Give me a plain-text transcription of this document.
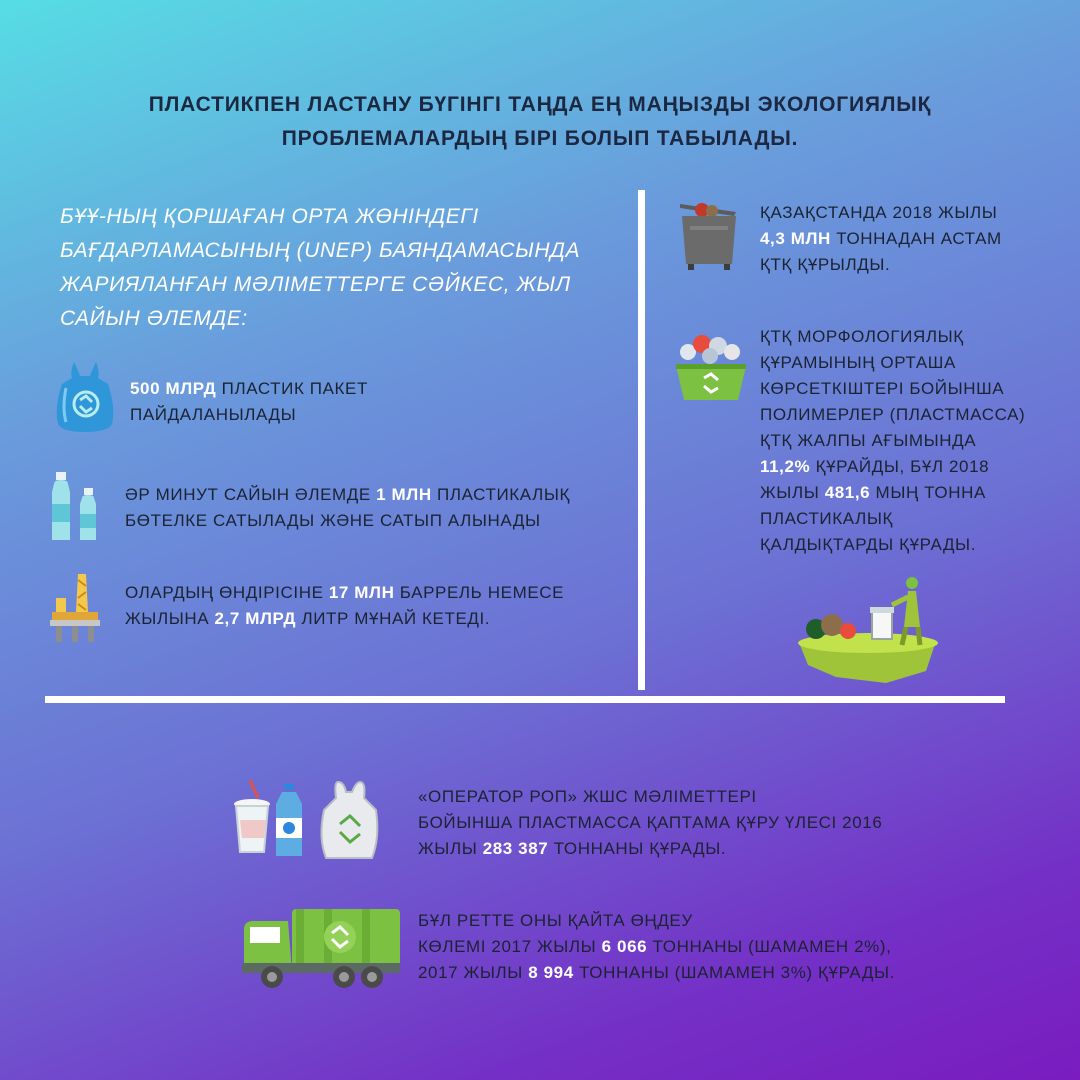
ПЛАСТИКПЕН ЛАСТАНУ БҮГІНГІ ТАҢДА ЕҢ МАҢЫЗДЫ ЭКОЛОГИЯЛЫҚ
ПРОБЛЕМАЛАРДЫҢ БІРІ БОЛЫП ТАБЫЛАДЫ.
БҰҰ-НЫҢ ҚОРШАҒАН ОРТА ЖӨНІНДЕГІ БАҒДАРЛАМАСЫНЫҢ (UNEP) БАЯНДАМАСЫНДА ЖАРИЯЛАНҒАН МӘЛІМЕТТЕРГЕ СӘЙКЕС, ЖЫЛ САЙЫН ӘЛЕМДЕ:
500 МЛРД ПЛАСТИК ПАКЕТ
ПАЙДАЛАНЫЛАДЫ
ӘР МИНУТ САЙЫН ӘЛЕМДЕ 1 МЛН ПЛАСТИКАЛЫҚ
БӨТЕЛКЕ САТЫЛАДЫ ЖӘНЕ САТЫП АЛЫНАДЫ
ОЛАРДЫҢ ӨНДІРІСІНЕ 17 МЛН БАРРЕЛЬ НЕМЕСЕ
ЖЫЛЫНА 2,7 МЛРД ЛИТР МҰНАЙ КЕТЕДІ.
ҚАЗАҚСТАНДА 2018 ЖЫЛЫ
4,3 МЛН ТОННАДАН АСТАМ
ҚТҚ ҚҰРЫЛДЫ.
ҚТҚ МОРФОЛОГИЯЛЫҚ
ҚҰРАМЫНЫҢ ОРТАША
КӨРСЕТКІШТЕРІ БОЙЫНША
ПОЛИМЕРЛЕР (ПЛАСТМАССА)
ҚТҚ ЖАЛПЫ АҒЫМЫНДА
11,2% ҚҰРАЙДЫ, БҰЛ 2018
ЖЫЛЫ 481,6 МЫҢ ТОННА
ПЛАСТИКАЛЫҚ
ҚАЛДЫҚТАРДЫ ҚҰРАДЫ.
«ОПЕРАТОР РОП» ЖШС МӘЛІМЕТТЕРІ
БОЙЫНША ПЛАСТМАССА ҚАПТАМА ҚҰРУ ҮЛЕСІ 2016
ЖЫЛЫ 283 387 ТОННАНЫ ҚҰРАДЫ.
БҰЛ РЕТТЕ ОНЫ ҚАЙТА ӨҢДЕУ
КӨЛЕМІ 2017 ЖЫЛЫ 6 066 ТОННАНЫ (ШАМАМЕН 2%),
2017 ЖЫЛЫ 8 994 ТОННАНЫ (ШАМАМЕН 3%) ҚҰРАДЫ.
